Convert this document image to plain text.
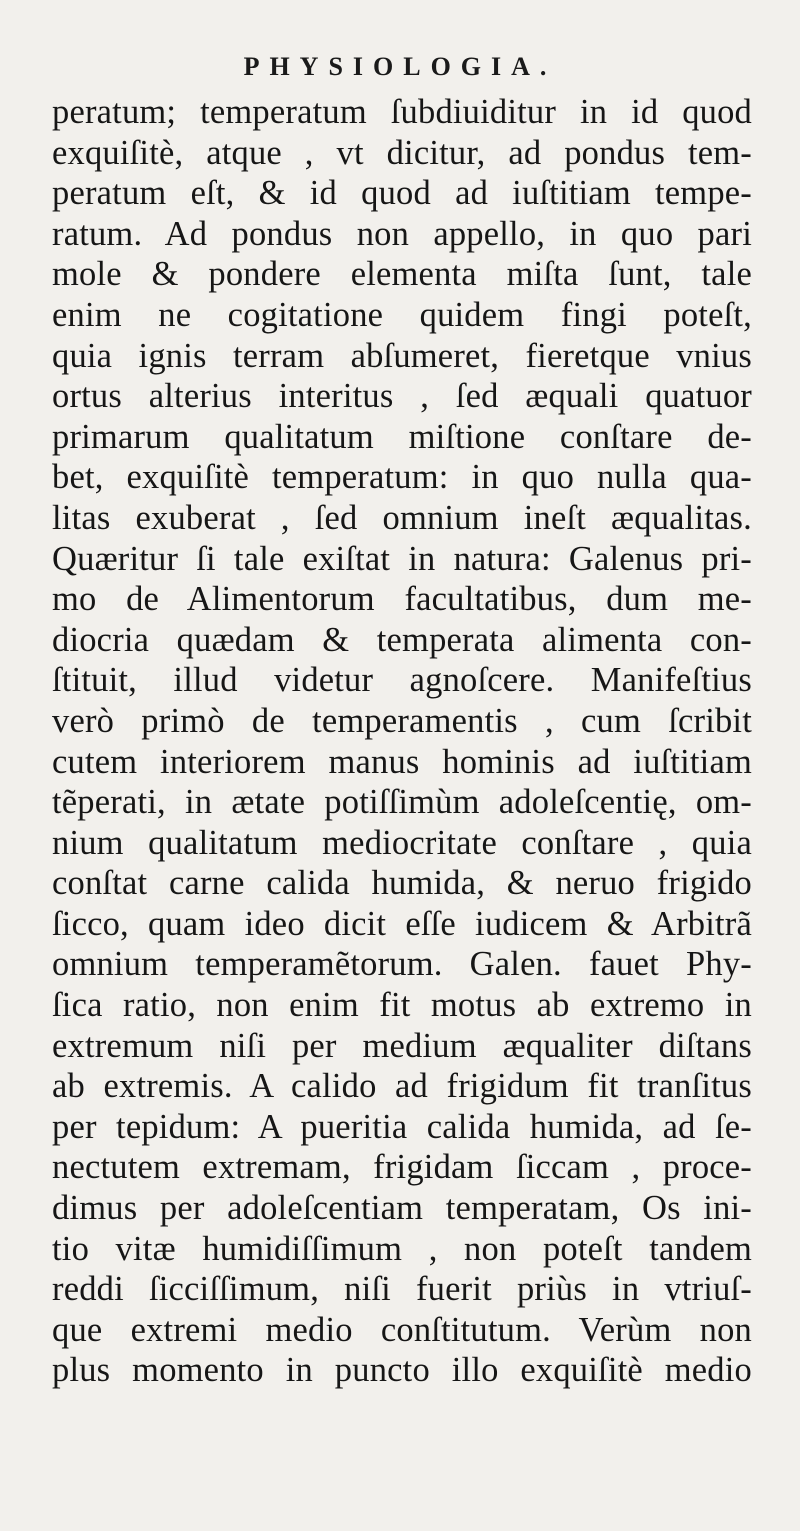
PHYSIOLOGIA.
peratum; temperatum ſubdiuiditur in id quod
exquiſitè, atque , vt dicitur, ad pondus tem-
peratum eſt, & id quod ad iuſtitiam tempe-
ratum. Ad pondus non appello, in quo pari
mole & pondere elementa miſta ſunt, tale
enim ne cogitatione quidem fingi poteſt,
quia ignis terram abſumeret, fieretque vnius
ortus alterius interitus , ſed æquali quatuor
primarum qualitatum miſtione conſtare de-
bet, exquiſitè temperatum: in quo nulla qua-
litas exuberat , ſed omnium ineſt æqualitas.
Quæritur ſi tale exiſtat in natura: Galenus pri-
mo de Alimentorum facultatibus, dum me-
diocria quædam & temperata alimenta con-
ſtituit, illud videtur agnoſcere. Manifeſtius
verò primò de temperamentis , cum ſcribit
cutem interiorem manus hominis ad iuſtitiam
tẽperati, in ætate potiſſimùm adoleſcentię, om-
nium qualitatum mediocritate conſtare , quia
conſtat carne calida humida, & neruo frigido
ſicco, quam ideo dicit eſſe iudicem & Arbitrã
omnium temperamẽtorum. Galen. fauet Phy-
ſica ratio, non enim fit motus ab extremo in
extremum niſi per medium æqualiter diſtans
ab extremis. A calido ad frigidum fit tranſitus
per tepidum: A pueritia calida humida, ad ſe-
nectutem extremam, frigidam ſiccam , proce-
dimus per adoleſcentiam temperatam, Os ini-
tio vitæ humidiſſimum , non poteſt tandem
reddi ſicciſſimum, niſi fuerit priùs in vtriuſ-
que extremi medio conſtitutum. Verùm non
plus momento in puncto illo exquiſitè medio
